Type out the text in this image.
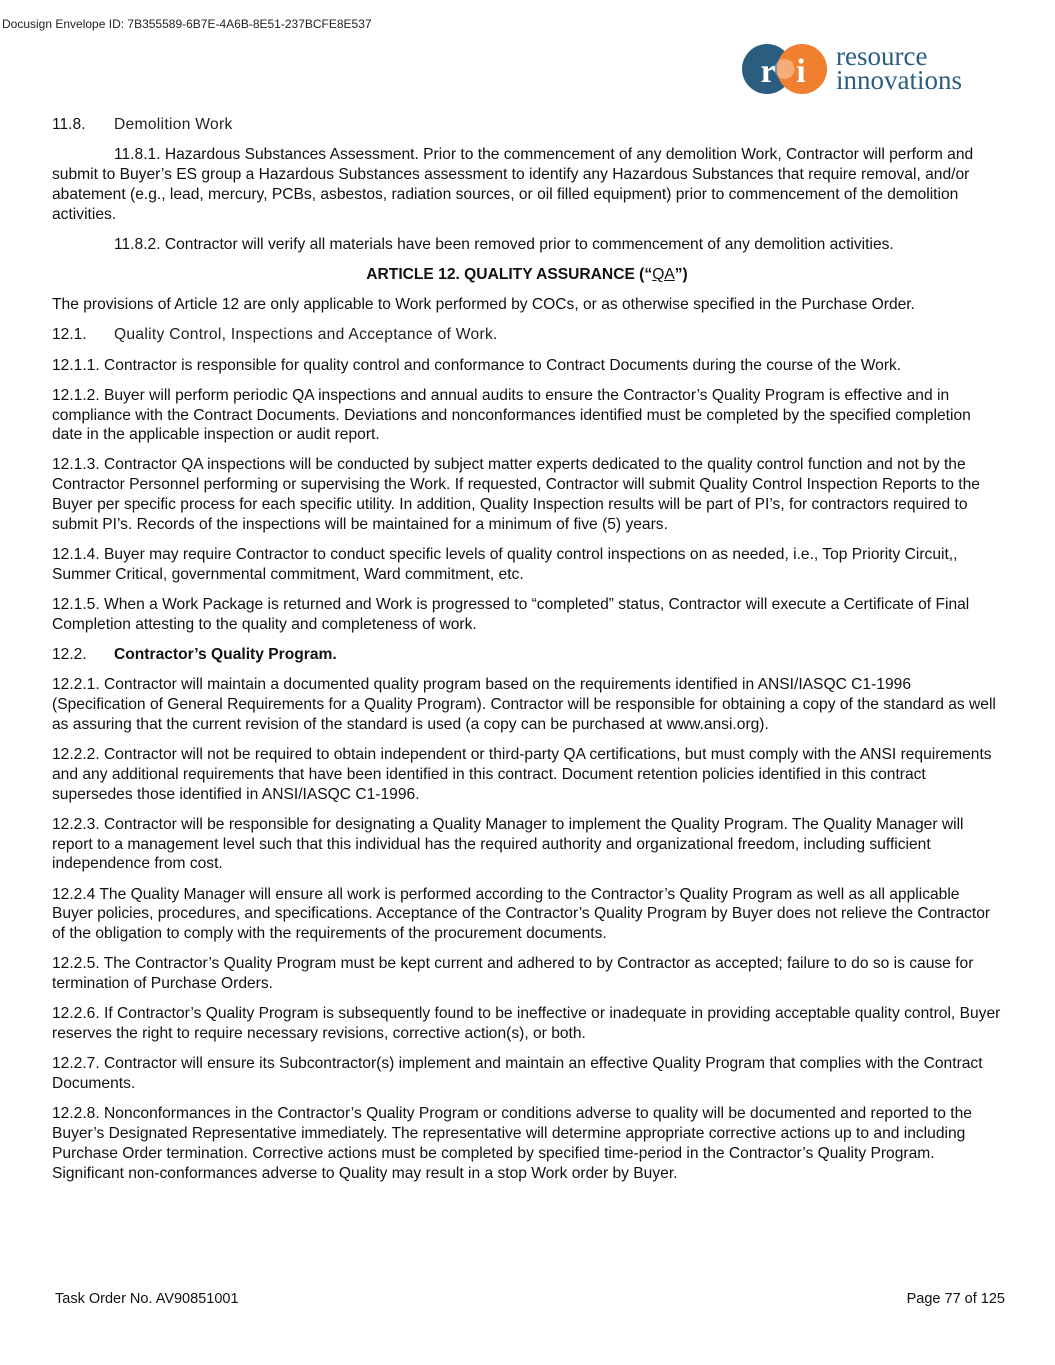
Docusign Envelope ID: 7B355589-6B7E-4A6B-8E51-237BCFE8E537
r i resource
innovations
11.8. Demolition Work
11.8.1. Hazardous Substances Assessment. Prior to the commencement of any demolition Work, Contractor will perform and submit to Buyer’s ES group a Hazardous Substances assessment to identify any Hazardous Substances that require removal, and/or abatement (e.g., lead, mercury, PCBs, asbestos, radiation sources, or oil filled equipment) prior to commencement of the demolition activities.
11.8.2. Contractor will verify all materials have been removed prior to commencement of any demolition activities.
ARTICLE 12. QUALITY ASSURANCE (“QA”)
The provisions of Article 12 are only applicable to Work performed by COCs, or as otherwise specified in the Purchase Order.
12.1. Quality Control, Inspections and Acceptance of Work.
12.1.1. Contractor is responsible for quality control and conformance to Contract Documents during the course of the Work.
12.1.2. Buyer will perform periodic QA inspections and annual audits to ensure the Contractor’s Quality Program is effective and in compliance with the Contract Documents. Deviations and nonconformances identified must be completed by the specified completion date in the applicable inspection or audit report.
12.1.3. Contractor QA inspections will be conducted by subject matter experts dedicated to the quality control function and not by the Contractor Personnel performing or supervising the Work. If requested, Contractor will submit Quality Control Inspection Reports to the Buyer per specific process for each specific utility. In addition, Quality Inspection results will be part of PI’s, for contractors required to submit PI’s. Records of the inspections will be maintained for a minimum of five (5) years.
12.1.4. Buyer may require Contractor to conduct specific levels of quality control inspections on as needed, i.e., Top Priority Circuit,, Summer Critical, governmental commitment, Ward commitment, etc.
12.1.5. When a Work Package is returned and Work is progressed to “completed” status, Contractor will execute a Certificate of Final Completion attesting to the quality and completeness of work.
12.2. Contractor’s Quality Program.
12.2.1. Contractor will maintain a documented quality program based on the requirements identified in ANSI/IASQC C1-1996 (Specification of General Requirements for a Quality Program). Contractor will be responsible for obtaining a copy of the standard as well as assuring that the current revision of the standard is used (a copy can be purchased at www.ansi.org).
12.2.2. Contractor will not be required to obtain independent or third-party QA certifications, but must comply with the ANSI requirements and any additional requirements that have been identified in this contract. Document retention policies identified in this contract supersedes those identified in ANSI/IASQC C1-1996.
12.2.3. Contractor will be responsible for designating a Quality Manager to implement the Quality Program. The Quality Manager will report to a management level such that this individual has the required authority and organizational freedom, including sufficient independence from cost.
12.2.4 The Quality Manager will ensure all work is performed according to the Contractor’s Quality Program as well as all applicable Buyer policies, procedures, and specifications. Acceptance of the Contractor’s Quality Program by Buyer does not relieve the Contractor of the obligation to comply with the requirements of the procurement documents.
12.2.5. The Contractor’s Quality Program must be kept current and adhered to by Contractor as accepted; failure to do so is cause for termination of Purchase Orders.
12.2.6. If Contractor’s Quality Program is subsequently found to be ineffective or inadequate in providing acceptable quality control, Buyer reserves the right to require necessary revisions, corrective action(s), or both.
12.2.7. Contractor will ensure its Subcontractor(s) implement and maintain an effective Quality Program that complies with the Contract Documents.
12.2.8. Nonconformances in the Contractor’s Quality Program or conditions adverse to quality will be documented and reported to the Buyer’s Designated Representative immediately. The representative will determine appropriate corrective actions up to and including Purchase Order termination. Corrective actions must be completed by specified time-period in the Contractor’s Quality Program. Significant non-conformances adverse to Quality may result in a stop Work order by Buyer.
Task Order No. AV90851001	Page 77 of 125
